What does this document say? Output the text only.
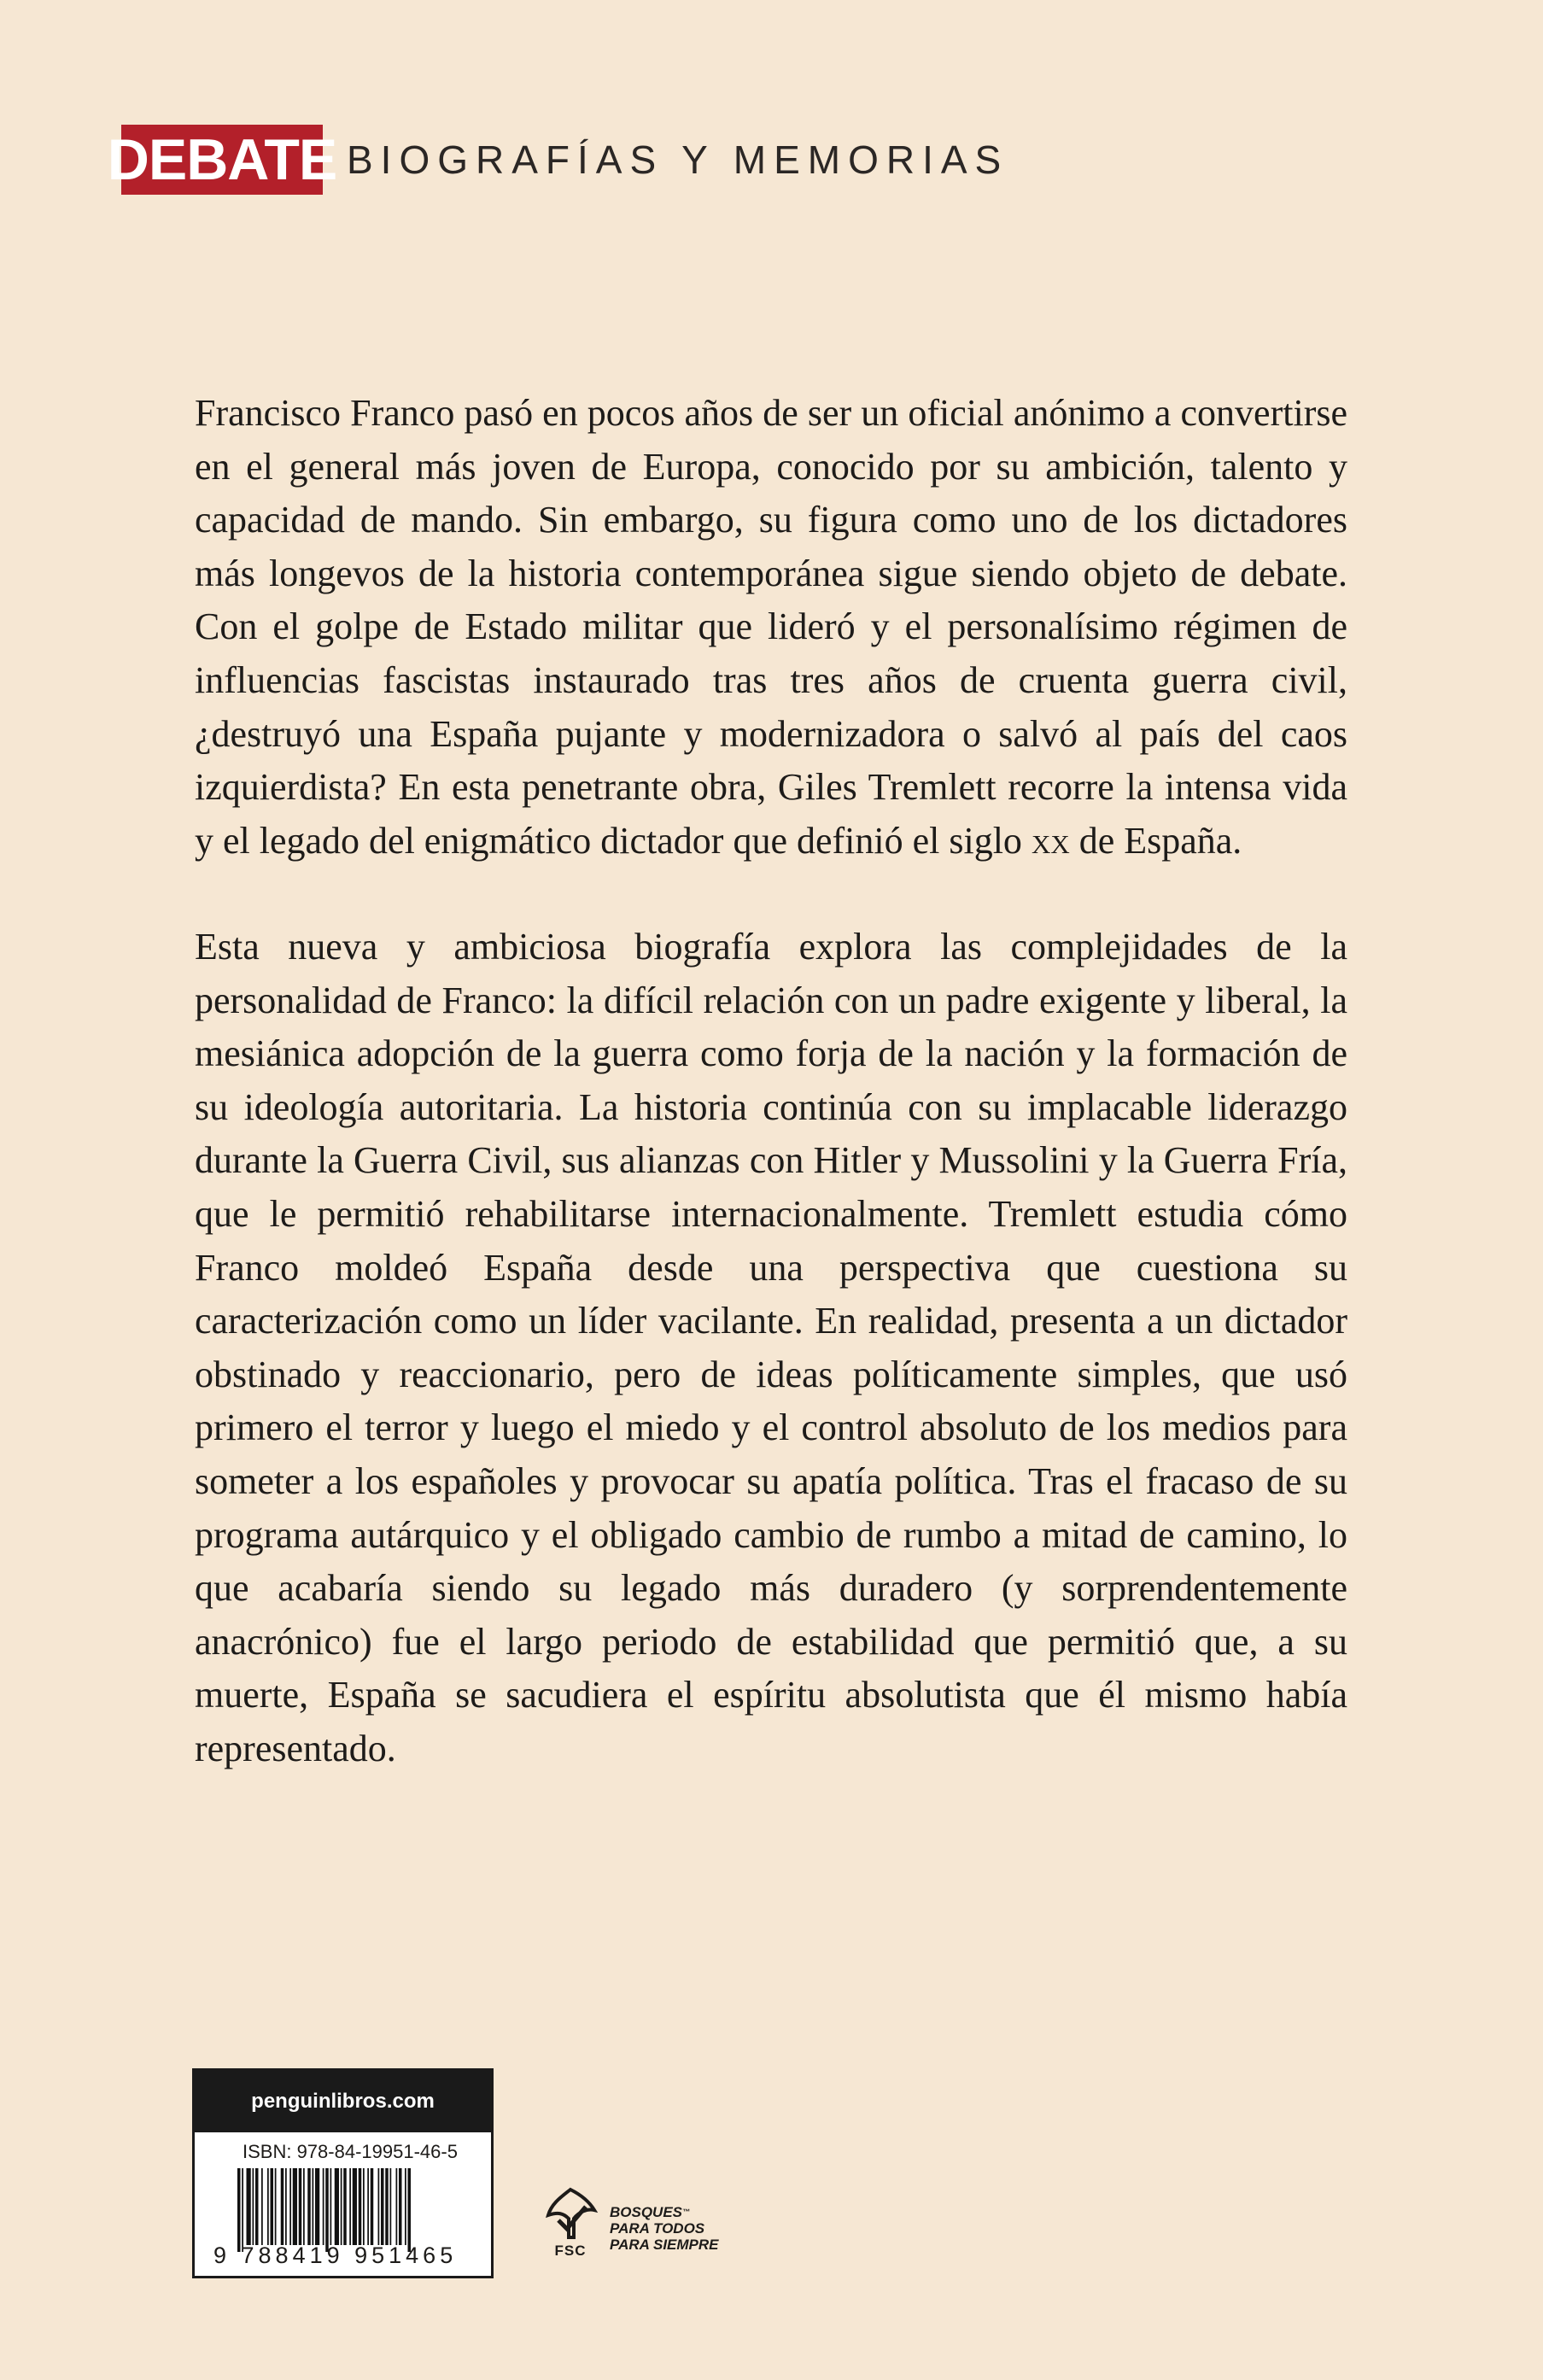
DEBATE BIOGRAFÍAS Y MEMORIAS

Francisco Franco pasó en pocos años de ser un oficial anónimo a convertirse en el general más joven de Europa, conocido por su ambición, talento y capacidad de mando. Sin embargo, su figura como uno de los dictadores más longevos de la historia contemporánea sigue siendo objeto de debate. Con el golpe de Estado militar que lideró y el personalísimo régimen de influencias fascistas instaurado tras tres años de cruenta guerra civil, ¿destruyó una España pujante y modernizadora o salvó al país del caos izquierdista? En esta penetrante obra, Giles Tremlett recorre la intensa vida y el legado del enigmático dictador que definió el siglo xx de España.

Esta nueva y ambiciosa biografía explora las complejidades de la personalidad de Franco: la difícil relación con un padre exigente y liberal, la mesiánica adopción de la guerra como forja de la nación y la formación de su ideología autoritaria. La historia continúa con su implacable liderazgo durante la Guerra Civil, sus alianzas con Hitler y Mussolini y la Guerra Fría, que le permitió rehabilitarse internacionalmente. Tremlett estudia cómo Franco moldeó España desde una perspectiva que cuestiona su caracterización como un líder vacilante. En realidad, presenta a un dictador obstinado y reaccionario, pero de ideas políticamente simples, que usó primero el terror y luego el miedo y el control absoluto de los medios para someter a los españoles y provocar su apatía política. Tras el fracaso de su programa autárquico y el obligado cambio de rumbo a mitad de camino, lo que acabaría siendo su legado más duradero (y sorprendentemente anacrónico) fue el largo periodo de estabilidad que permitió que, a su muerte, España se sacudiera el espíritu absolutista que él mismo había representado.

penguinlibros.com
ISBN: 978-84-19951-46-5
9 788419 951465	FSC
BOSQUES™
PARA TODOS
PARA SIEMPRE
